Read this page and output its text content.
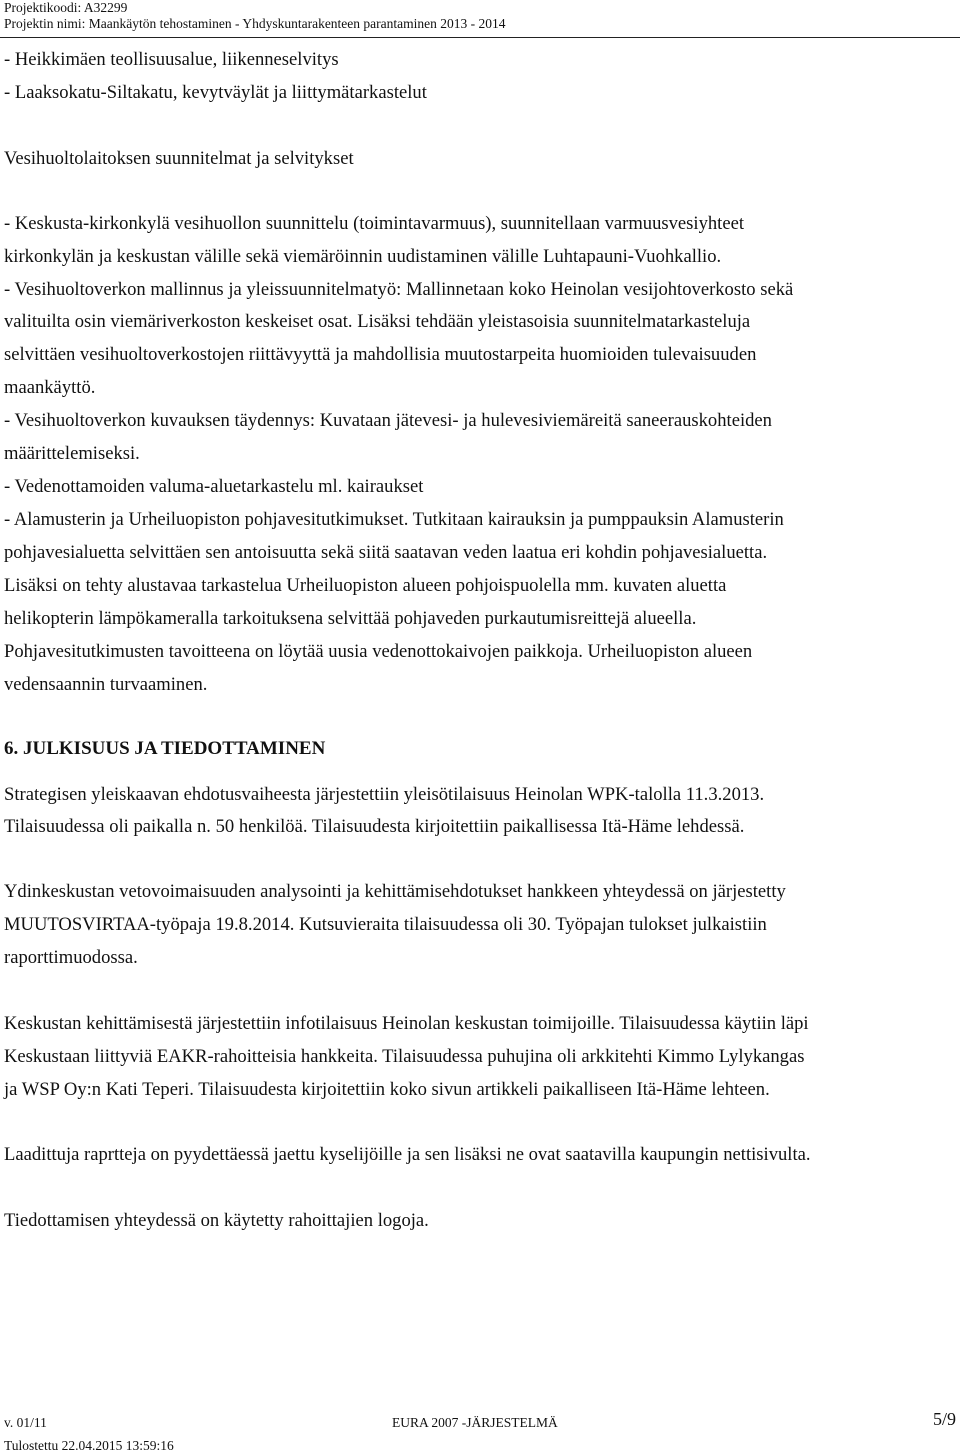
Projektikoodi: A32299
Projektin nimi: Maankäytön tehostaminen - Yhdyskuntarakenteen parantaminen 2013 - 2014
- Heikkimäen teollisuusalue, liikenneselvitys
- Laaksokatu-Siltakatu, kevytväylät ja liittymätarkastelut
Vesihuoltolaitoksen suunnitelmat ja selvitykset
- Keskusta-kirkonkylä vesihuollon suunnittelu (toimintavarmuus), suunnitellaan varmuusvesiyhteet
kirkonkylän ja keskustan välille sekä viemäröinnin uudistaminen välille Luhtapauni-Vuohkallio.
- Vesihuoltoverkon mallinnus ja yleissuunnitelmatyö: Mallinnetaan koko Heinolan vesijohtoverkosto sekä
valituilta osin viemäriverkoston keskeiset osat. Lisäksi tehdään yleistasoisia suunnitelmatarkasteluja
selvittäen vesihuoltoverkostojen riittävyyttä ja mahdollisia muutostarpeita huomioiden tulevaisuuden
maankäyttö.
- Vesihuoltoverkon kuvauksen täydennys: Kuvataan jätevesi- ja hulevesiviemäreitä saneerauskohteiden
määrittelemiseksi.
- Vedenottamoiden valuma-aluetarkastelu ml. kairaukset
- Alamusterin ja Urheiluopiston pohjavesitutkimukset. Tutkitaan kairauksin ja pumppauksin Alamusterin
pohjavesialuetta selvittäen sen antoisuutta sekä siitä saatavan veden laatua eri kohdin pohjavesialuetta.
Lisäksi on tehty alustavaa tarkastelua Urheiluopiston alueen pohjoispuolella mm. kuvaten aluetta
helikopterin lämpökameralla tarkoituksena selvittää pohjaveden purkautumisreittejä alueella.
Pohjavesitutkimusten tavoitteena on löytää uusia vedenottokaivojen paikkoja. Urheiluopiston alueen
vedensaannin turvaaminen.
6. JULKISUUS JA TIEDOTTAMINEN
Strategisen yleiskaavan ehdotusvaiheesta järjestettiin yleisötilaisuus Heinolan WPK-talolla 11.3.2013.
Tilaisuudessa oli paikalla n. 50 henkilöä. Tilaisuudesta kirjoitettiin paikallisessa Itä-Häme lehdessä.
Ydinkeskustan vetovoimaisuuden analysointi ja kehittämisehdotukset hankkeen yhteydessä on järjestetty
MUUTOSVIRTAA-työpaja 19.8.2014. Kutsuvieraita tilaisuudessa oli 30. Työpajan tulokset julkaistiin
raporttimuodossa.
Keskustan kehittämisestä järjestettiin infotilaisuus Heinolan keskustan toimijoille. Tilaisuudessa käytiin läpi
Keskustaan liittyviä EAKR-rahoitteisia hankkeita. Tilaisuudessa puhujina oli arkkitehti Kimmo Lylykangas
ja WSP Oy:n Kati Teperi. Tilaisuudesta kirjoitettiin koko sivun artikkeli paikalliseen Itä-Häme lehteen.
Laadittuja raprtteja on pyydettäessä jaettu kyselijöille ja sen lisäksi ne ovat saatavilla kaupungin nettisivulta.
Tiedottamisen yhteydessä on käytetty rahoittajien logoja.
v. 01/11	EURA 2007 -JÄRJESTELMÄ	5/9
Tulostettu 22.04.2015 13:59:16
